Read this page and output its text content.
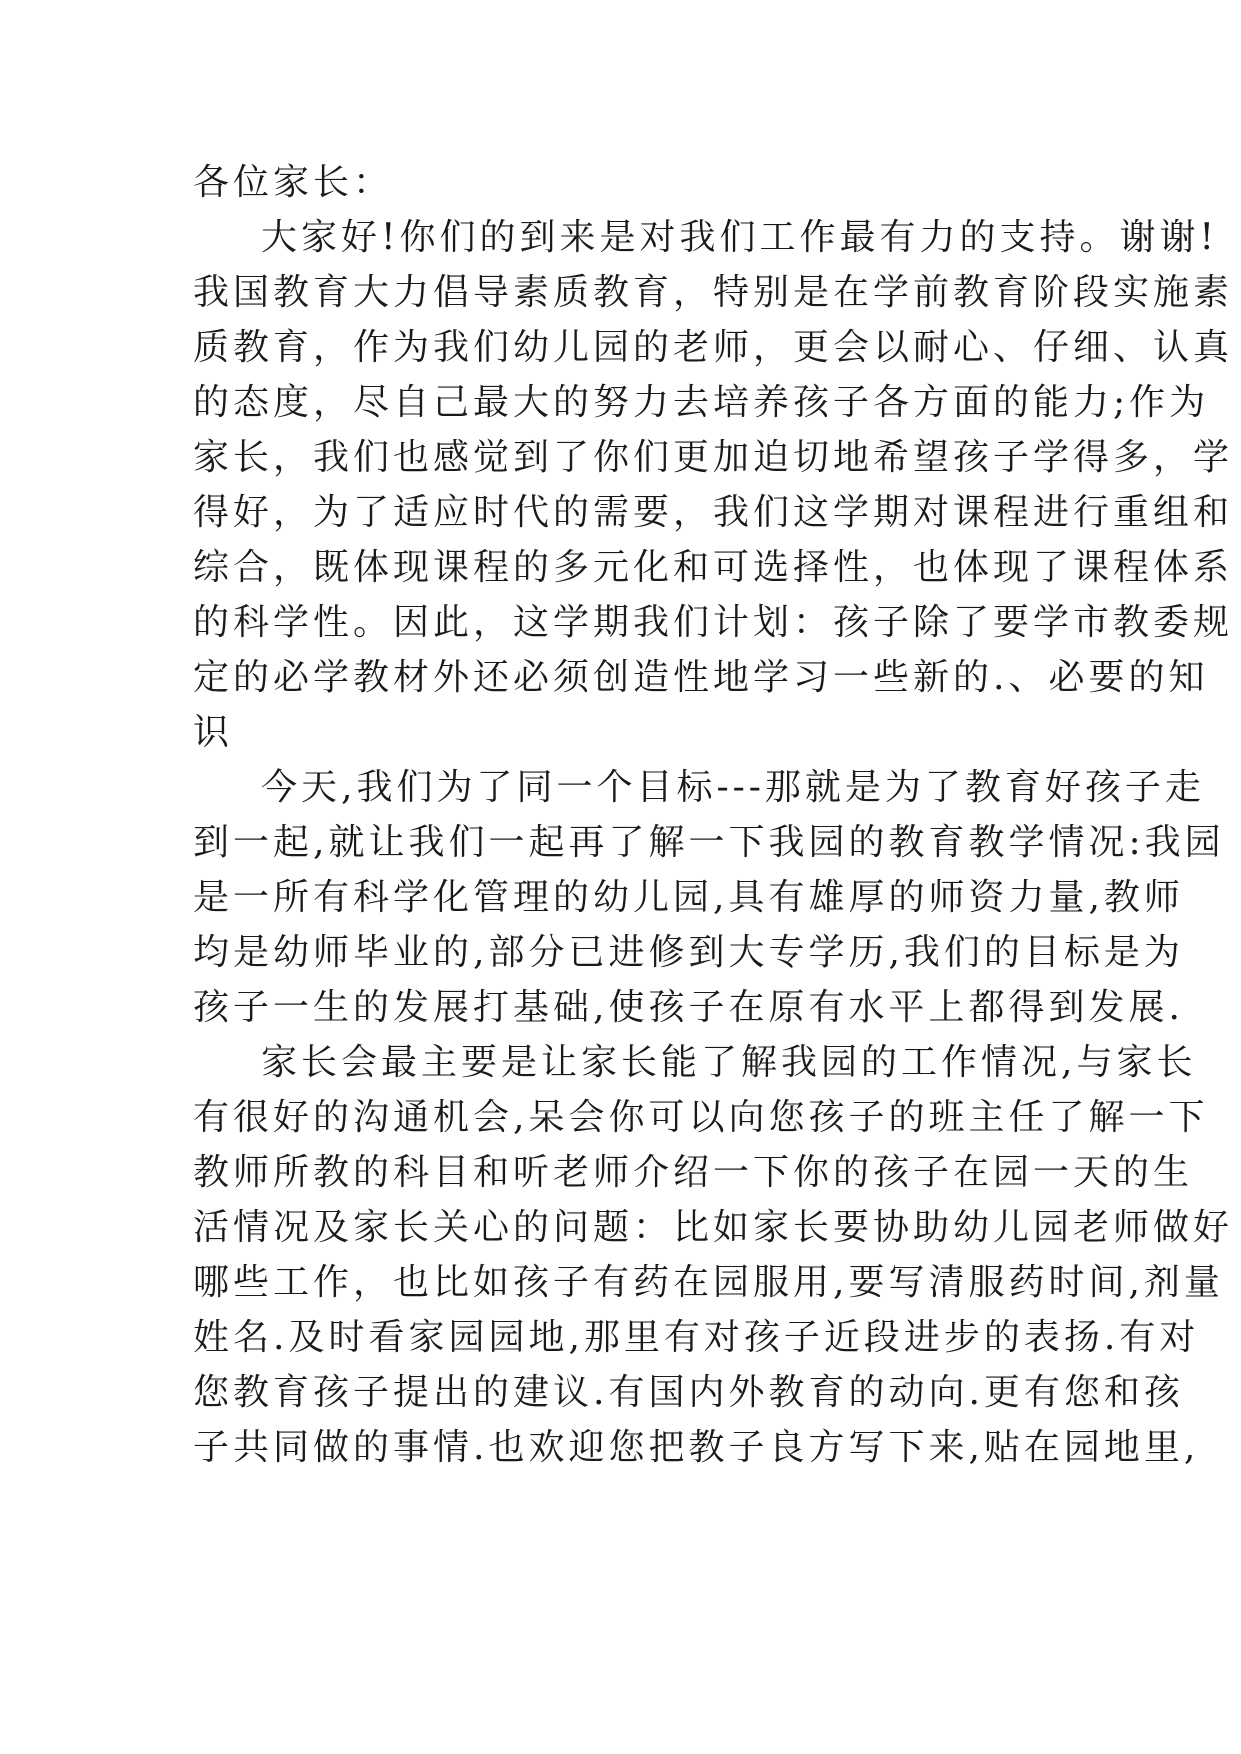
各位家长：
大家好!你们的到来是对我们工作最有力的支持。谢谢!
我国教育大力倡导素质教育，特别是在学前教育阶段实施素
质教育，作为我们幼儿园的老师，更会以耐心、仔细、认真
的态度，尽自己最大的努力去培养孩子各方面的能力;作为
家长，我们也感觉到了你们更加迫切地希望孩子学得多，学
得好，为了适应时代的需要，我们这学期对课程进行重组和
综合，既体现课程的多元化和可选择性，也体现了课程体系
的科学性。因此，这学期我们计划：孩子除了要学市教委规
定的必学教材外还必须创造性地学习一些新的.、必要的知
识
今天,我们为了同一个目标---那就是为了教育好孩子走
到一起,就让我们一起再了解一下我园的教育教学情况:我园
是一所有科学化管理的幼儿园,具有雄厚的师资力量,教师
均是幼师毕业的,部分已进修到大专学历,我们的目标是为
孩子一生的发展打基础,使孩子在原有水平上都得到发展.
家长会最主要是让家长能了解我园的工作情况,与家长
有很好的沟通机会,呆会你可以向您孩子的班主任了解一下
教师所教的科目和听老师介绍一下你的孩子在园一天的生
活情况及家长关心的问题：比如家长要协助幼儿园老师做好
哪些工作，也比如孩子有药在园服用,要写清服药时间,剂量
姓名.及时看家园园地,那里有对孩子近段进步的表扬.有对
您教育孩子提出的建议.有国内外教育的动向.更有您和孩
子共同做的事情.也欢迎您把教子良方写下来,贴在园地里,
